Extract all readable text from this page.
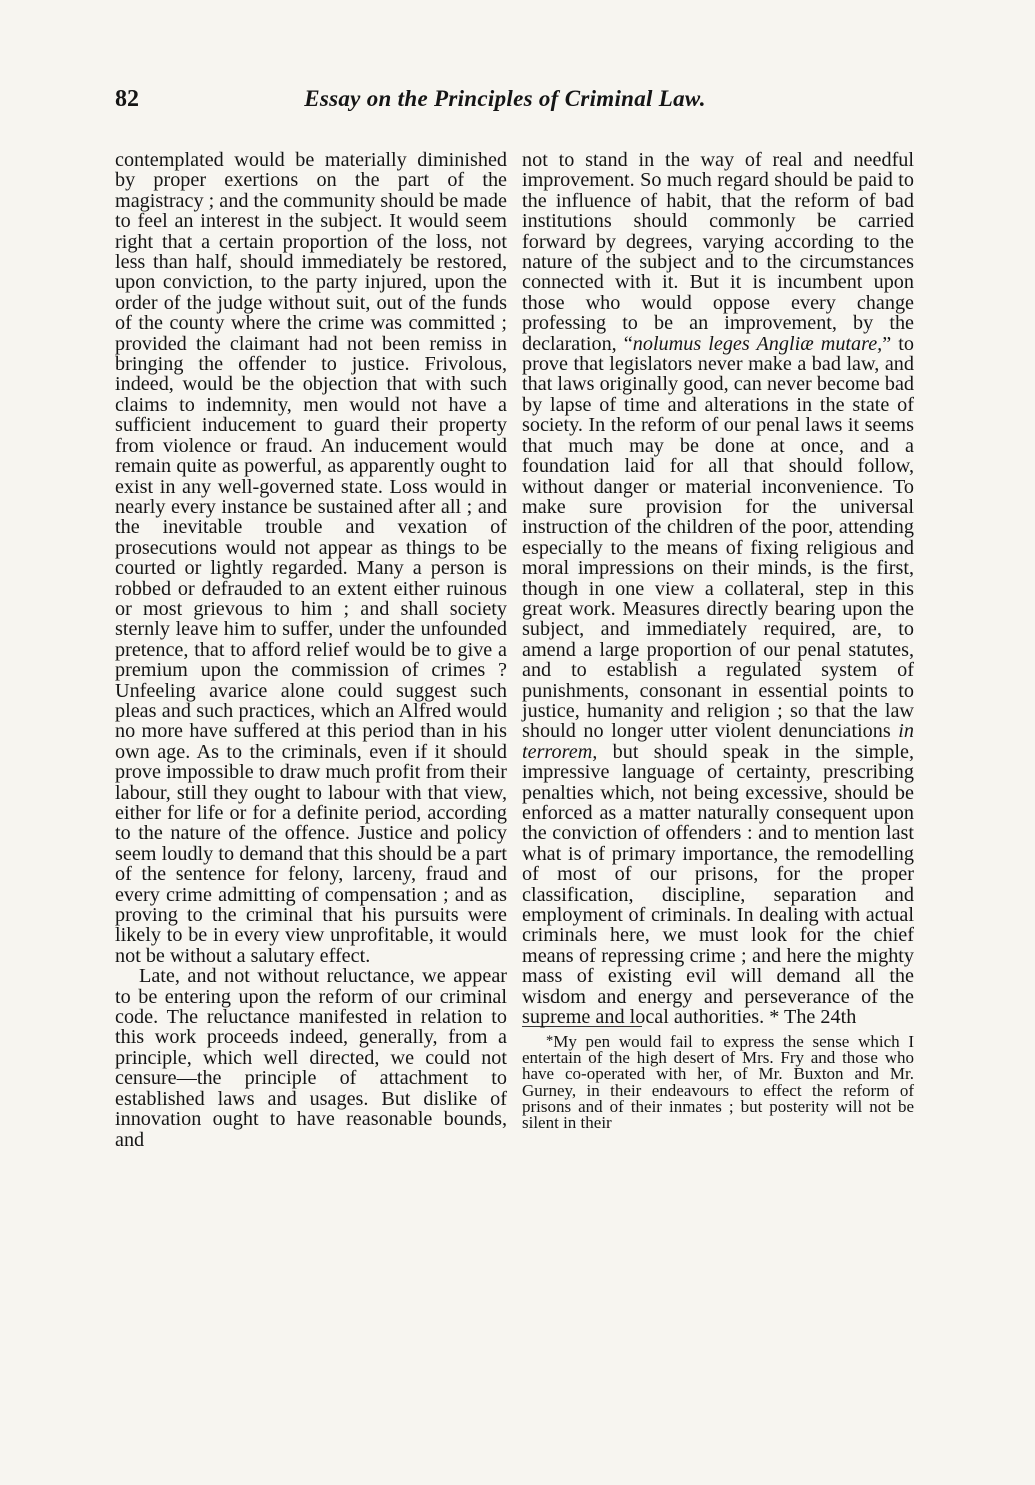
82	Essay on the Principles of Criminal Law.

contemplated would be materially diminished by proper exertions on the part of the magistracy ; and the community should be made to feel an interest in the subject. It would seem right that a certain proportion of the loss, not less than half, should immediately be restored, upon conviction, to the party injured, upon the order of the judge without suit, out of the funds of the county where the crime was committed ; provided the claimant had not been remiss in bringing the offender to justice. Frivolous, indeed, would be the objection that with such claims to indemnity, men would not have a sufficient inducement to guard their property from violence or fraud. An inducement would remain quite as powerful, as apparently ought to exist in any well-governed state. Loss would in nearly every instance be sustained after all ; and the inevitable trouble and vexation of prosecutions would not appear as things to be courted or lightly regarded. Many a person is robbed or defrauded to an extent either ruinous or most grievous to him ; and shall society sternly leave him to suffer, under the unfounded pretence, that to afford relief would be to give a premium upon the commission of crimes ? Unfeeling avarice alone could suggest such pleas and such practices, which an Alfred would no more have suffered at this period than in his own age. As to the criminals, even if it should prove impossible to draw much profit from their labour, still they ought to labour with that view, either for life or for a definite period, according to the nature of the offence. Justice and policy seem loudly to demand that this should be a part of the sentence for felony, larceny, fraud and every crime admitting of compensation ; and as proving to the criminal that his pursuits were likely to be in every view unprofitable, it would not be without a salutary effect.

Late, and not without reluctance, we appear to be entering upon the reform of our criminal code. The reluctance manifested in relation to this work proceeds indeed, generally, from a principle, which well directed, we could not censure—the principle of attachment to established laws and usages. But dislike of innovation ought to have reasonable bounds, and

not to stand in the way of real and needful improvement. So much regard should be paid to the influence of habit, that the reform of bad institutions should commonly be carried forward by degrees, varying according to the nature of the subject and to the circumstances connected with it. But it is incumbent upon those who would oppose every change professing to be an improvement, by the declaration, “nolumus leges Angliæ mutare,” to prove that legislators never make a bad law, and that laws originally good, can never become bad by lapse of time and alterations in the state of society. In the reform of our penal laws it seems that much may be done at once, and a foundation laid for all that should follow, without danger or material inconvenience. To make sure provision for the universal instruction of the children of the poor, attending especially to the means of fixing religious and moral impressions on their minds, is the first, though in one view a collateral, step in this great work. Measures directly bearing upon the subject, and immediately required, are, to amend a large proportion of our penal statutes, and to establish a regulated system of punishments, consonant in essential points to justice, humanity and religion ; so that the law should no longer utter violent denunciations in terrorem, but should speak in the simple, impressive language of certainty, prescribing penalties which, not being excessive, should be enforced as a matter naturally consequent upon the conviction of offenders : and to mention last what is of primary importance, the remodelling of most of our prisons, for the proper classification, discipline, separation and employment of criminals. In dealing with actual criminals here, we must look for the chief means of repressing crime ; and here the mighty mass of existing evil will demand all the wisdom and energy and perseverance of the supreme and local authorities. * The 24th

*My pen would fail to express the sense which I entertain of the high desert of Mrs. Fry and those who have co-operated with her, of Mr. Buxton and Mr. Gurney, in their endeavours to effect the reform of prisons and of their inmates ; but posterity will not be silent in their
